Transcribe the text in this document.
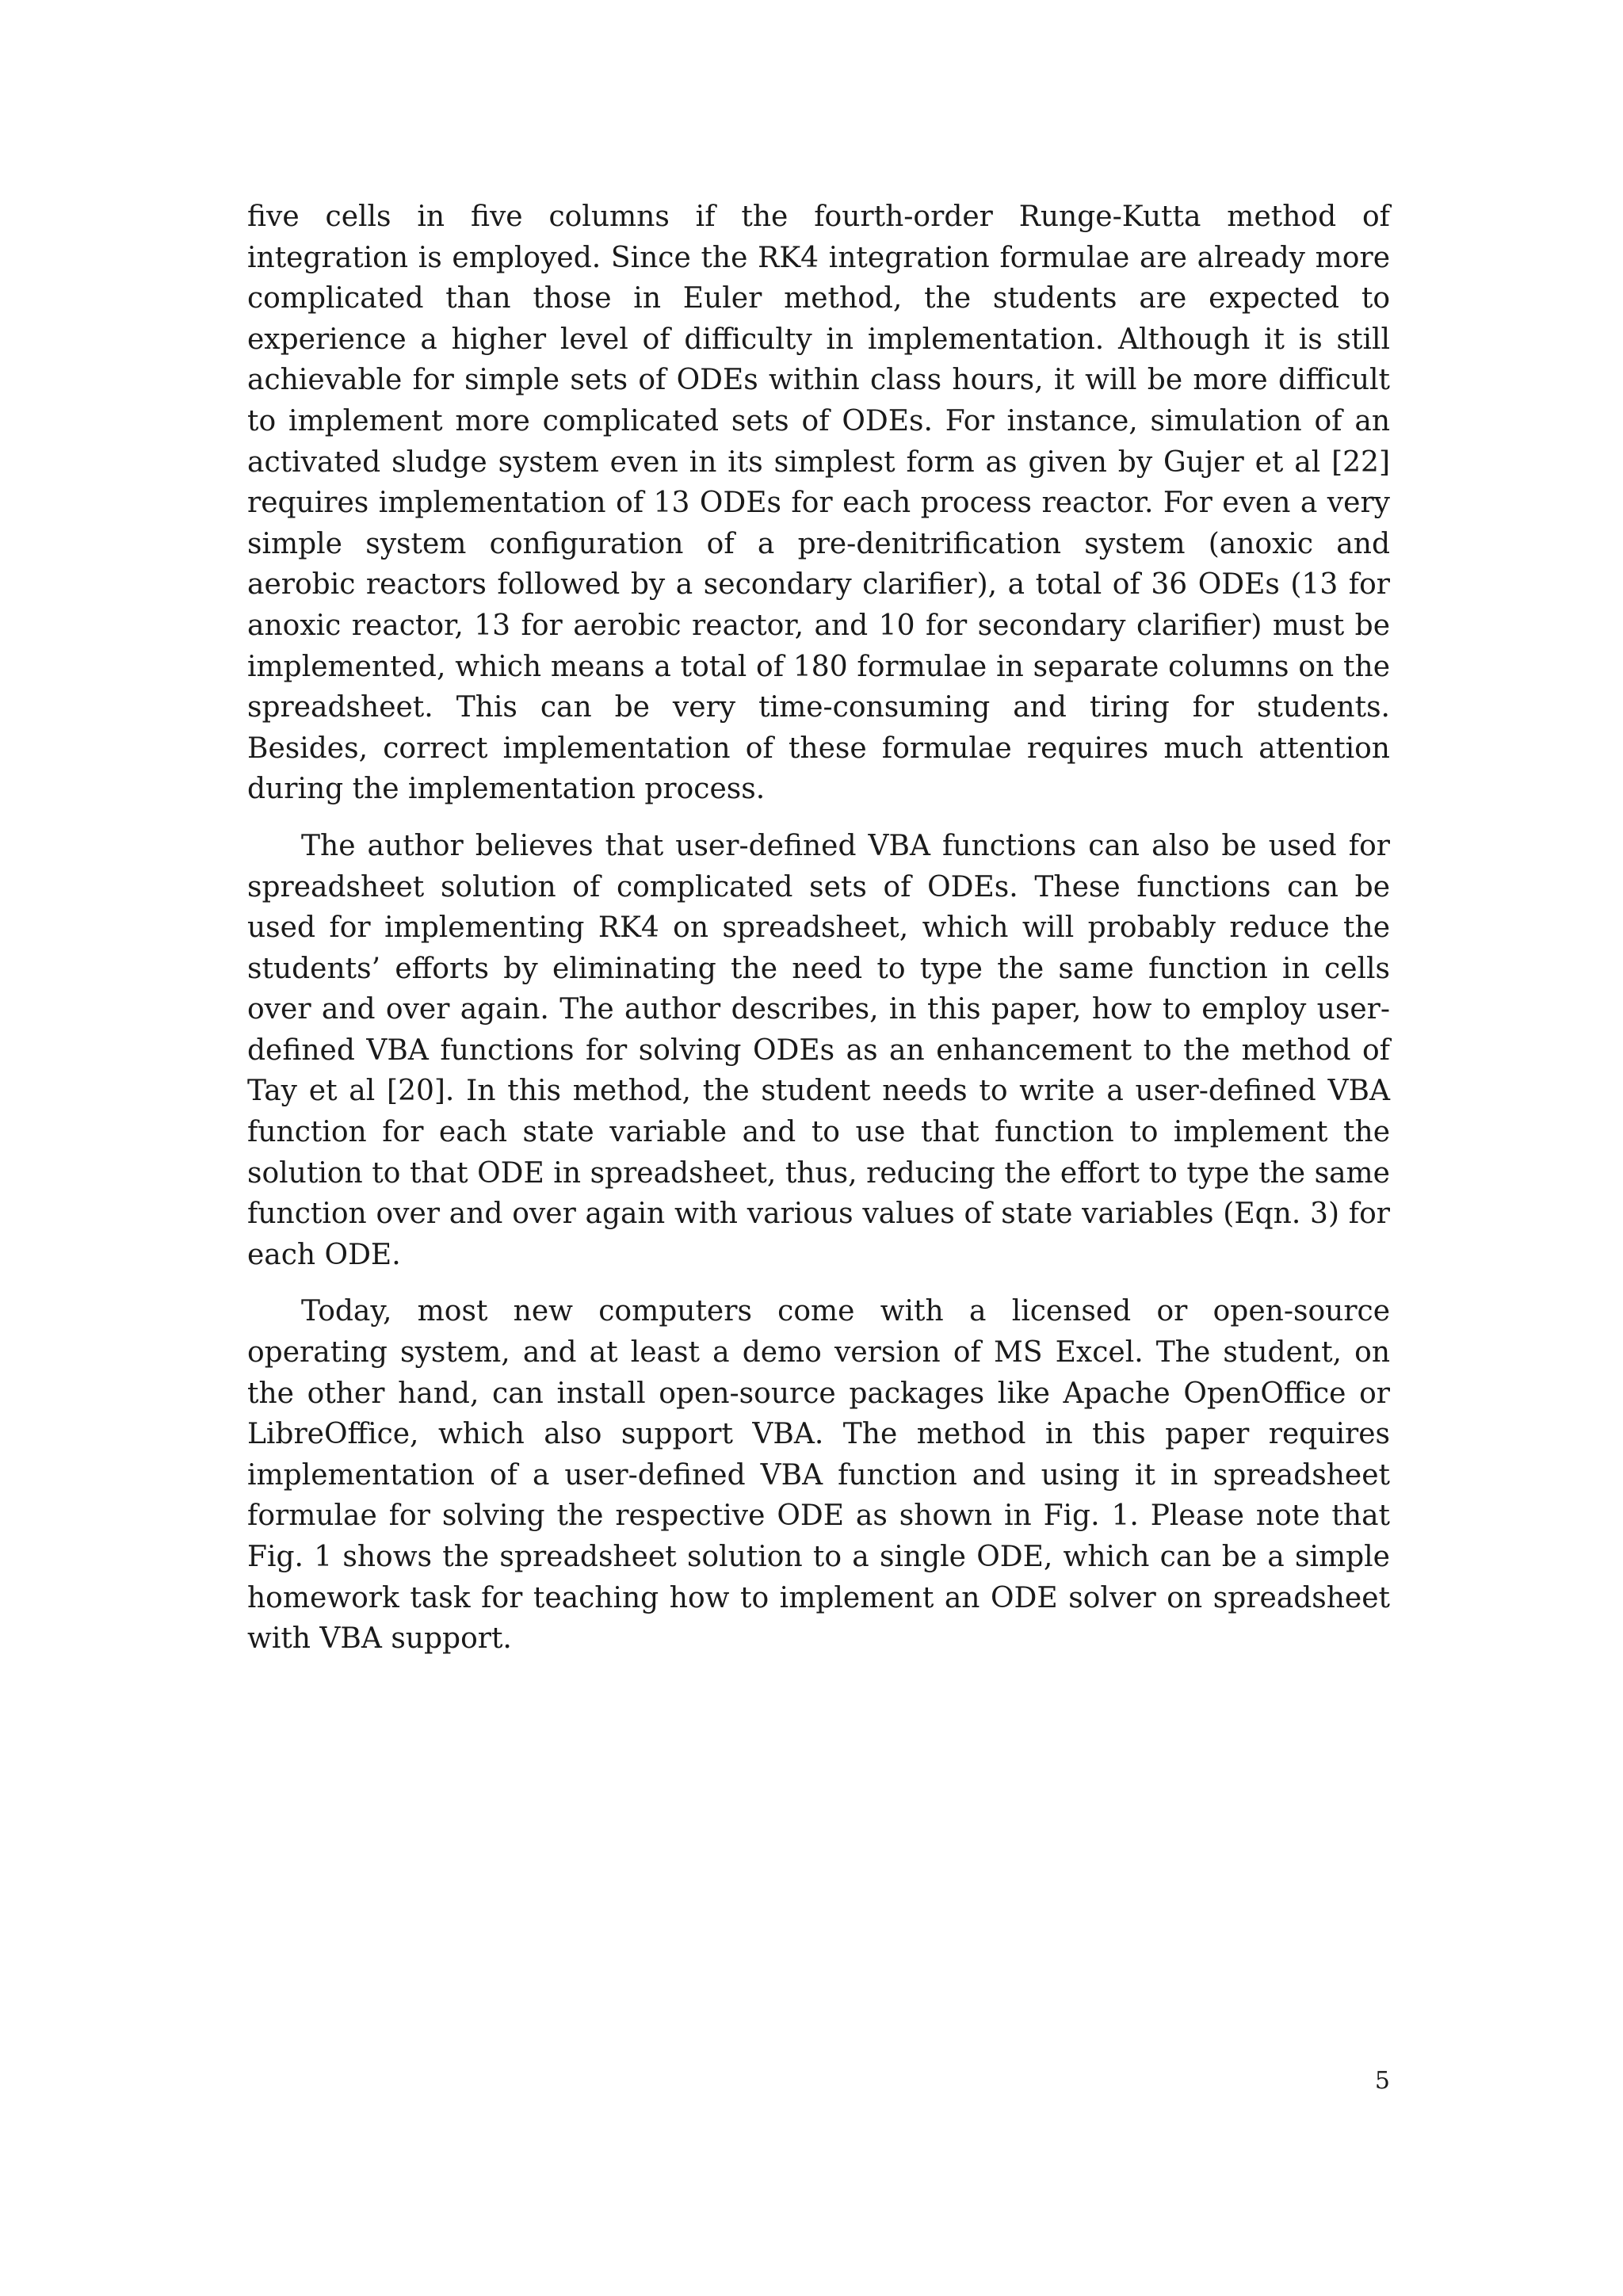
five cells in five columns if the fourth-order Runge-Kutta method of integration is employed. Since the RK4 integration formulae are already more complicated than those in Euler method, the students are expected to experience a higher level of difficulty in implementation. Although it is still achievable for simple sets of ODEs within class hours, it will be more difficult to implement more complicated sets of ODEs. For instance, simulation of an activated sludge system even in its simplest form as given by Gujer et al [22] requires implementation of 13 ODEs for each process reactor. For even a very simple system configuration of a pre-denitrification system (anoxic and aerobic reactors followed by a secondary clarifier), a total of 36 ODEs (13 for anoxic reactor, 13 for aerobic reactor, and 10 for secondary clarifier) must be implemented, which means a total of 180 formulae in separate columns on the spreadsheet. This can be very time-consuming and tiring for students. Besides, correct implementation of these formulae requires much attention during the implementation process.

The author believes that user-defined VBA functions can also be used for spreadsheet solution of complicated sets of ODEs. These functions can be used for implementing RK4 on spreadsheet, which will probably reduce the students’ efforts by eliminating the need to type the same function in cells over and over again. The author describes, in this paper, how to employ user-defined VBA functions for solving ODEs as an enhancement to the method of Tay et al [20]. In this method, the student needs to write a user-defined VBA function for each state variable and to use that function to implement the solution to that ODE in spreadsheet, thus, reducing the effort to type the same function over and over again with various values of state variables (Eqn. 3) for each ODE.

Today, most new computers come with a licensed or open-source operating system, and at least a demo version of MS Excel. The student, on the other hand, can install open-source packages like Apache OpenOffice or LibreOffice, which also support VBA. The method in this paper requires implementation of a user-defined VBA function and using it in spreadsheet formulae for solving the respective ODE as shown in Fig. 1. Please note that Fig. 1 shows the spreadsheet solution to a single ODE, which can be a simple homework task for teaching how to implement an ODE solver on spreadsheet with VBA support.

5
